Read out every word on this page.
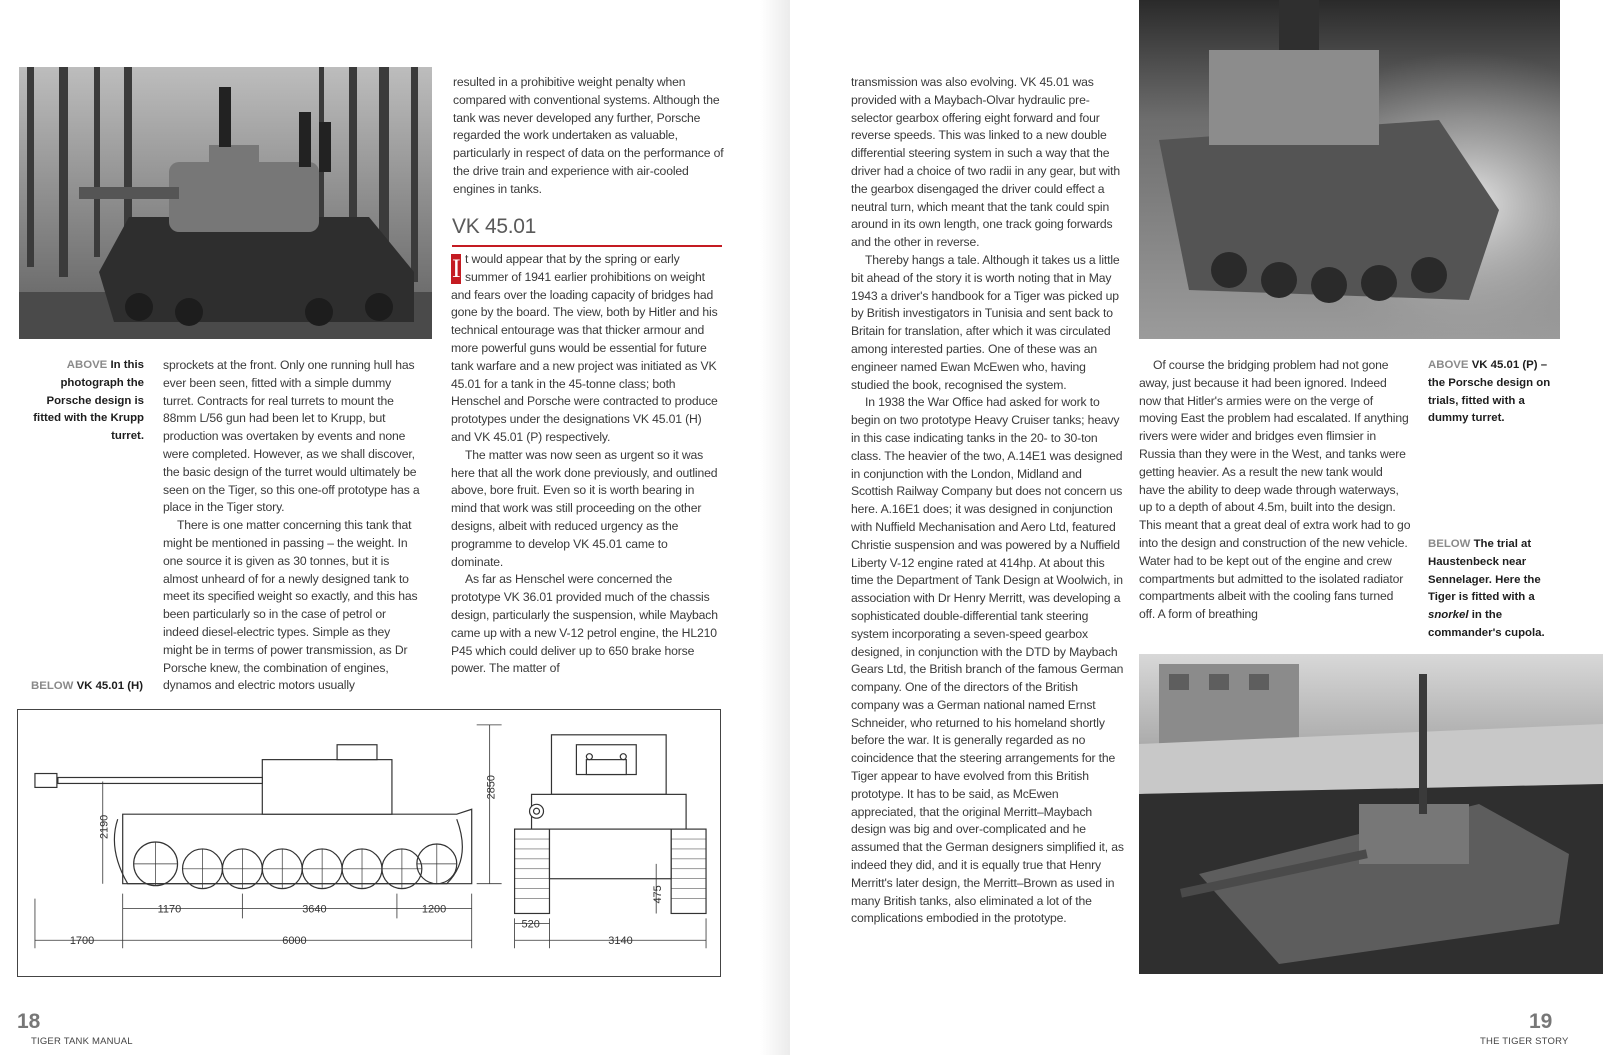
ABOVE In this photograph the Porsche design is fitted with the Krupp turret.

sprockets at the front. Only one running hull has ever been seen, fitted with a simple dummy turret. Contracts for real turrets to mount the 88mm L/56 gun had been let to Krupp, but production was overtaken by events and none were completed. However, as we shall discover, the basic design of the turret would ultimately be seen on the Tiger, so this one-off prototype has a place in the Tiger story.

There is one matter concerning this tank that might be mentioned in passing – the weight. In one source it is given as 30 tonnes, but it is almost unheard of for a newly designed tank to meet its specified weight so exactly, and this has been particularly so in the case of petrol or indeed diesel-electric types. Simple as they might be in terms of power transmission, as Dr Porsche knew, the combination of engines, dynamos and electric motors usually

BELOW VK 45.01 (H)

resulted in a prohibitive weight penalty when compared with conventional systems. Although the tank was never developed any further, Porsche regarded the work undertaken as valuable, particularly in respect of data on the performance of the drive train and experience with air-cooled engines in tanks.

VK 45.01

I t would appear that by the spring or early summer of 1941 earlier prohibitions on weight and fears over the loading capacity of bridges had gone by the board. The view, both by Hitler and his technical entourage was that thicker armour and more powerful guns would be essential for future tank warfare and a new project was initiated as VK 45.01 for a tank in the 45-tonne class; both Henschel and Porsche were contracted to produce prototypes under the designations VK 45.01 (H) and VK 45.01 (P) respectively.

The matter was now seen as urgent so it was here that all the work done previously, and outlined above, bore fruit. Even so it is worth bearing in mind that work was still proceeding on the other designs, albeit with reduced urgency as the programme to develop VK 45.01 came to dominate.

As far as Henschel were concerned the prototype VK 36.01 provided much of the chassis design, particularly the suspension, while Maybach came up with a new V-12 petrol engine, the HL210 P45 which could deliver up to 650 brake horse power. The matter of

1700
1170	3640	1200
6000
2190
2850
520
3140
475
18
TIGER TANK MANUAL

transmission was also evolving. VK 45.01 was provided with a Maybach-Olvar hydraulic pre-selector gearbox offering eight forward and four reverse speeds. This was linked to a new double differential steering system in such a way that the driver had a choice of two radii in any gear, but with the gearbox disengaged the driver could effect a neutral turn, which meant that the tank could spin around in its own length, one track going forwards and the other in reverse.

Thereby hangs a tale. Although it takes us a little bit ahead of the story it is worth noting that in May 1943 a driver's handbook for a Tiger was picked up by British investigators in Tunisia and sent back to Britain for translation, after which it was circulated among interested parties. One of these was an engineer named Ewan McEwen who, having studied the book, recognised the system.

In 1938 the War Office had asked for work to begin on two prototype Heavy Cruiser tanks; heavy in this case indicating tanks in the 20- to 30-ton class. The heavier of the two, A.14E1 was designed in conjunction with the London, Midland and Scottish Railway Company but does not concern us here. A.16E1 does; it was designed in conjunction with Nuffield Mechanisation and Aero Ltd, featured Christie suspension and was powered by a Nuffield Liberty V-12 engine rated at 414hp. At about this time the Department of Tank Design at Woolwich, in association with Dr Henry Merritt, was developing a sophisticated double-differential tank steering system incorporating a seven-speed gearbox designed, in conjunction with the DTD by Maybach Gears Ltd, the British branch of the famous German company. One of the directors of the British company was a German national named Ernst Schneider, who returned to his homeland shortly before the war. It is generally regarded as no coincidence that the steering arrangements for the Tiger appear to have evolved from this British prototype. It has to be said, as McEwen appreciated, that the original Merritt–Maybach design was big and over-complicated and he assumed that the German designers simplified it, as indeed they did, and it is equally true that Henry Merritt's later design, the Merritt–Brown as used in many British tanks, also eliminated a lot of the complications embodied in the prototype.

Of course the bridging problem had not gone away, just because it had been ignored. Indeed now that Hitler's armies were on the verge of moving East the problem had escalated. If anything rivers were wider and bridges even flimsier in Russia than they were in the West, and tanks were getting heavier. As a result the new tank would have the ability to deep wade through waterways, up to a depth of about 4.5m, built into the design. This meant that a great deal of extra work had to go into the design and construction of the new vehicle. Water had to be kept out of the engine and crew compartments but admitted to the isolated radiator compartments albeit with the cooling fans turned off. A form of breathing

ABOVE VK 45.01 (P) – the Porsche design on trials, fitted with a dummy turret.
BELOW The trial at Haustenbeck near Sennelager. Here the Tiger is fitted with a snorkel in the commander's cupola.
19
THE TIGER STORY
